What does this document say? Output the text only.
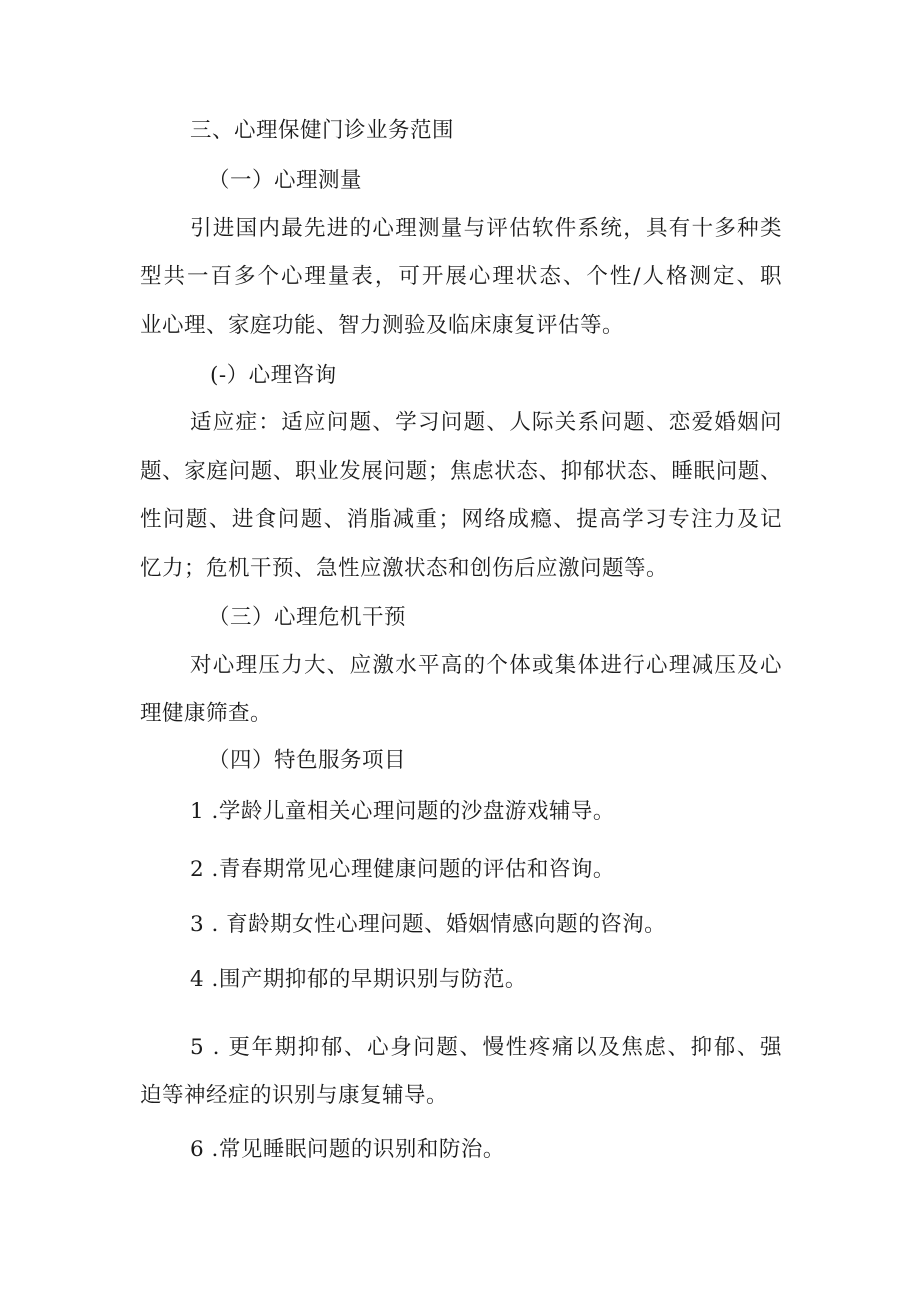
三、心理保健门诊业务范围
（一）心理测量
引进国内最先进的心理测量与评估软件系统，具有十多种类
型共一百多个心理量表，可开展心理状态、个性/人格测定、职
业心理、家庭功能、智力测验及临床康复评估等。
(-）心理咨询
适应症：适应问题、学习问题、人际关系问题、恋爱婚姻问
题、家庭问题、职业发展问题；焦虑状态、抑郁状态、睡眠问题、
性问题、进食问题、消脂减重；网络成瘾、提高学习专注力及记
忆力；危机干预、急性应激状态和创伤后应激问题等。
（三）心理危机干预
对心理压力大、应激水平高的个体或集体进行心理减压及心
理健康筛查。
（四）特色服务项目
1 .学龄儿童相关心理问题的沙盘游戏辅导。
2 .青春期常见心理健康问题的评估和咨询。
3 . 育龄期女性心理问题、婚姻情感向题的咨洵。
4 .围产期抑郁的早期识别与防范。
5 . 更年期抑郁、心身问题、慢性疼痛以及焦虑、抑郁、强
迫等神经症的识别与康复辅导。
6 .常见睡眠问题的识别和防治。
